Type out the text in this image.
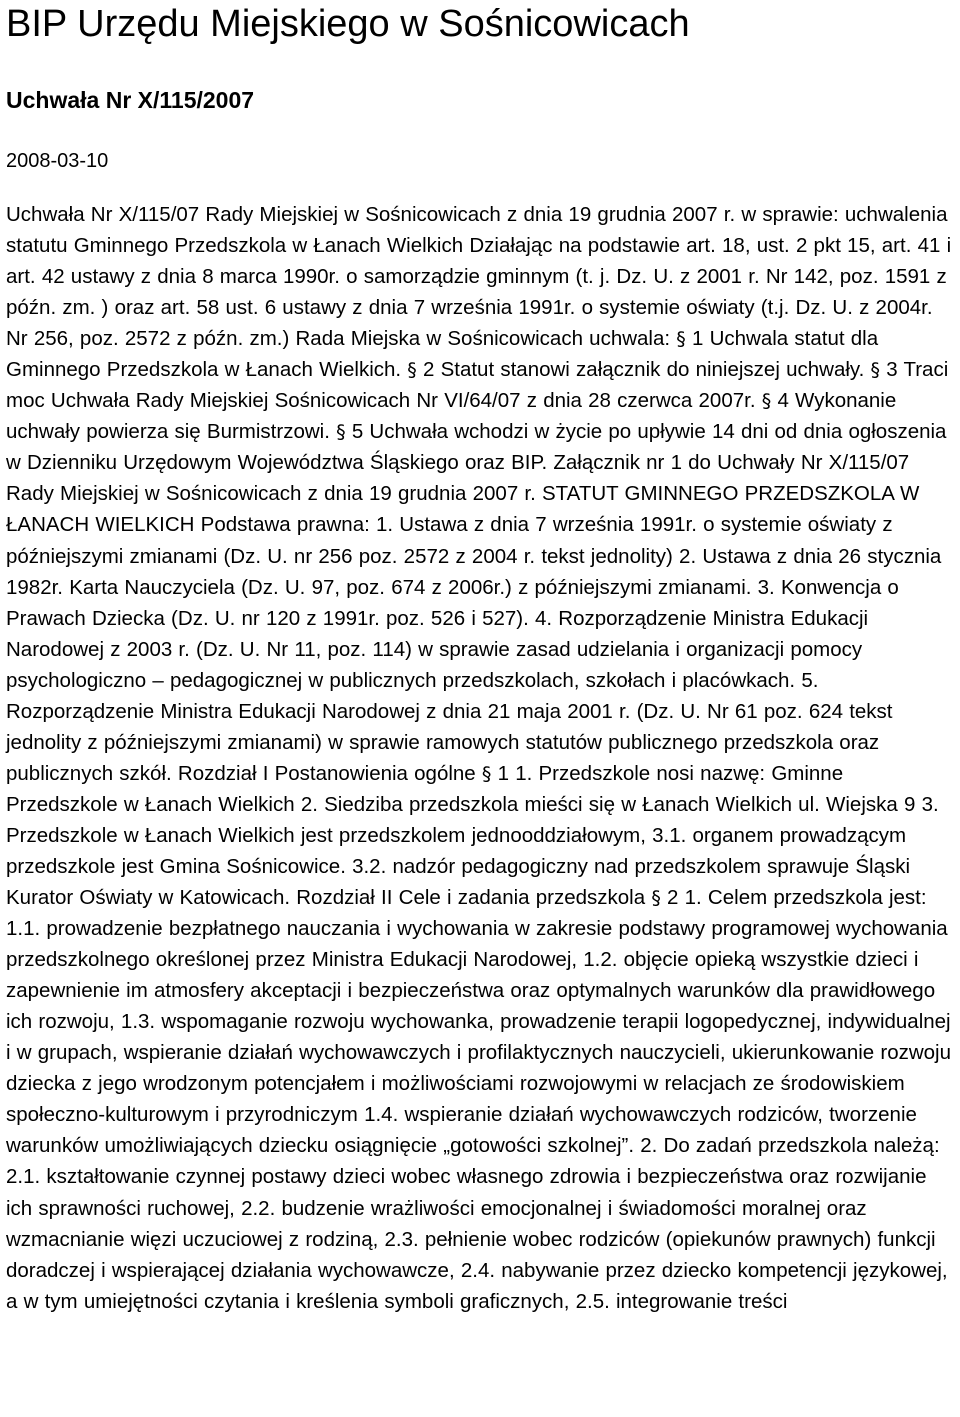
BIP Urzędu Miejskiego w Sośnicowicach
Uchwała Nr X/115/2007

2008-03-10

Uchwała Nr X/115/07 Rady Miejskiej w Sośnicowicach z dnia 19 grudnia 2007 r. w sprawie: uchwalenia statutu Gminnego Przedszkola w Łanach Wielkich Działając na podstawie art. 18, ust. 2 pkt 15, art. 41 i art. 42 ustawy z dnia 8 marca 1990r. o samorządzie gminnym (t. j. Dz. U. z 2001 r. Nr 142, poz. 1591 z późn. zm. ) oraz art. 58 ust. 6 ustawy z dnia 7 września 1991r. o systemie oświaty (t.j. Dz. U. z 2004r. Nr 256, poz. 2572 z późn. zm.) Rada Miejska w Sośnicowicach uchwala: § 1 Uchwala statut dla Gminnego Przedszkola w Łanach Wielkich. § 2 Statut stanowi załącznik do niniejszej uchwały. § 3 Traci moc Uchwała Rady Miejskiej Sośnicowicach Nr VI/64/07 z dnia 28 czerwca 2007r. § 4 Wykonanie uchwały powierza się Burmistrzowi. § 5 Uchwała wchodzi w życie po upływie 14 dni od dnia ogłoszenia w Dzienniku Urzędowym Województwa Śląskiego oraz BIP. Załącznik nr 1 do Uchwały Nr X/115/07 Rady Miejskiej w Sośnicowicach z dnia 19 grudnia 2007 r. STATUT GMINNEGO PRZEDSZKOLA W ŁANACH WIELKICH Podstawa prawna: 1. Ustawa z dnia 7 września 1991r. o systemie oświaty z późniejszymi zmianami (Dz. U. nr 256 poz. 2572 z 2004 r. tekst jednolity) 2. Ustawa z dnia 26 stycznia 1982r. Karta Nauczyciela (Dz. U. 97, poz. 674 z 2006r.) z późniejszymi zmianami. 3. Konwencja o Prawach Dziecka (Dz. U. nr 120 z 1991r. poz. 526 i 527). 4. Rozporządzenie Ministra Edukacji Narodowej z 2003 r. (Dz. U. Nr 11, poz. 114) w sprawie zasad udzielania i organizacji pomocy psychologiczno – pedagogicznej w publicznych przedszkolach, szkołach i placówkach. 5. Rozporządzenie Ministra Edukacji Narodowej z dnia 21 maja 2001 r. (Dz. U. Nr 61 poz. 624 tekst jednolity z późniejszymi zmianami) w sprawie ramowych statutów publicznego przedszkola oraz publicznych szkół. Rozdział I Postanowienia ogólne § 1 1. Przedszkole nosi nazwę: Gminne Przedszkole w Łanach Wielkich 2. Siedziba przedszkola mieści się w Łanach Wielkich ul. Wiejska 9 3. Przedszkole w Łanach Wielkich jest przedszkolem jednooddziałowym, 3.1. organem prowadzącym przedszkole jest Gmina Sośnicowice. 3.2. nadzór pedagogiczny nad przedszkolem sprawuje Śląski Kurator Oświaty w Katowicach. Rozdział II Cele i zadania przedszkola § 2 1. Celem przedszkola jest: 1.1. prowadzenie bezpłatnego nauczania i wychowania w zakresie podstawy programowej wychowania przedszkolnego określonej przez Ministra Edukacji Narodowej, 1.2. objęcie opieką wszystkie dzieci i zapewnienie im atmosfery akceptacji i bezpieczeństwa oraz optymalnych warunków dla prawidłowego ich rozwoju, 1.3. wspomaganie rozwoju wychowanka, prowadzenie terapii logopedycznej, indywidualnej i w grupach, wspieranie działań wychowawczych i profilaktycznych nauczycieli, ukierunkowanie rozwoju dziecka z jego wrodzonym potencjałem i możliwościami rozwojowymi w relacjach ze środowiskiem społeczno-kulturowym i przyrodniczym 1.4. wspieranie działań wychowawczych rodziców, tworzenie warunków umożliwiających dziecku osiągnięcie „gotowości szkolnej”. 2. Do zadań przedszkola należą: 2.1. kształtowanie czynnej postawy dzieci wobec własnego zdrowia i bezpieczeństwa oraz rozwijanie ich sprawności ruchowej, 2.2. budzenie wrażliwości emocjonalnej i świadomości moralnej oraz wzmacnianie więzi uczuciowej z rodziną, 2.3. pełnienie wobec rodziców (opiekunów prawnych) funkcji doradczej i wspierającej działania wychowawcze, 2.4. nabywanie przez dziecko kompetencji językowej, a w tym umiejętności czytania i kreślenia symboli graficznych, 2.5. integrowanie treści
